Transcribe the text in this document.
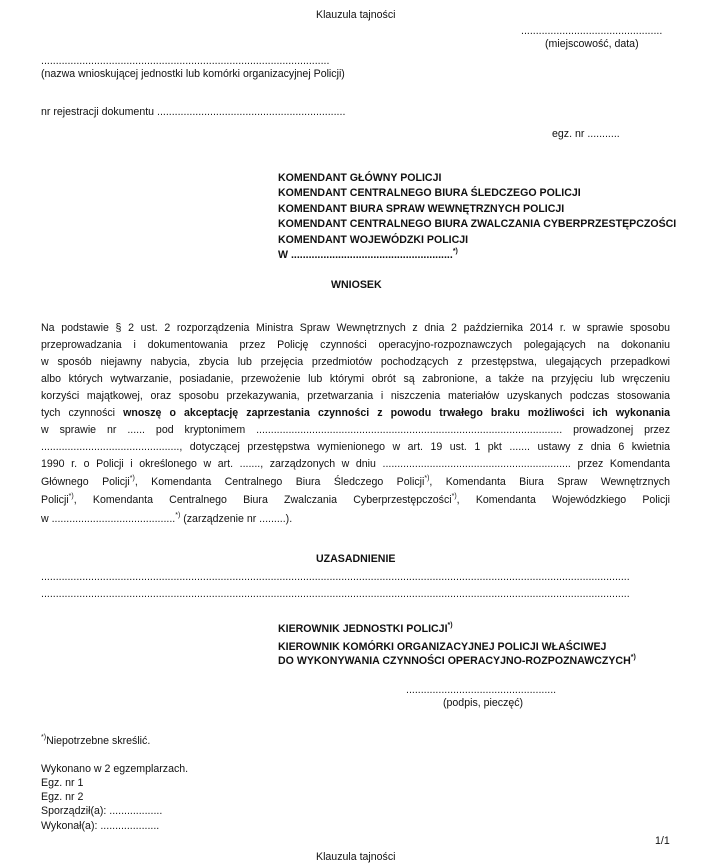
Klauzula tajności
................................................
(miejscowość, data)
..................................................................................................
(nazwa wnioskującej jednostki lub komórki organizacyjnej Policji)
nr rejestracji dokumentu ................................................................
egz. nr ...........
KOMENDANT GŁÓWNY POLICJI
KOMENDANT CENTRALNEGO BIURA ŚLEDCZEGO POLICJI
KOMENDANT BIURA SPRAW WEWNĘTRZNYCH POLICJI
KOMENDANT CENTRALNEGO BIURA ZWALCZANIA CYBERPRZESTĘPCZOŚCI
KOMENDANT WOJEWÓDZKI POLICJI
W .......................................................*)
WNIOSEK
Na podstawie § 2 ust. 2 rozporządzenia Ministra Spraw Wewnętrznych z dnia 2 października 2014 r. w sprawie sposobu
przeprowadzania i dokumentowania przez Policję czynności operacyjno-rozpoznawczych polegających na dokonaniu
w sposób niejawny nabycia, zbycia lub przejęcia przedmiotów pochodzących z przestępstwa, ulegających przepadkowi
albo których wytwarzanie, posiadanie, przewożenie lub którymi obrót są zabronione, a także na przyjęciu lub wręczeniu
korzyści majątkowej, oraz sposobu przekazywania, przetwarzania i niszczenia materiałów uzyskanych podczas stosowania
tych czynności wnoszę o akceptację zaprzestania czynności z powodu trwałego braku możliwości ich wykonania
w sprawie nr ...... pod kryptonimem ........................................................................................................ prowadzonej przez
..............................................., dotyczącej przestępstwa wymienionego w art. 19 ust. 1 pkt ....... ustawy z dnia 6 kwietnia
1990 r. o Policji i określonego w art. ......., zarządzonych w dniu ................................................................ przez Komendanta
Głównego Policji*), Komendanta Centralnego Biura Śledczego Policji*), Komendanta Biura Spraw Wewnętrznych
Policji*), Komendanta Centralnego Biura Zwalczania Cyberprzestępczości*), Komendanta Wojewódzkiego Policji
w ..........................................*) (zarządzenie nr .........).
UZASADNIENIE
........................................................................................................................................................................................................
........................................................................................................................................................................................................
KIEROWNIK JEDNOSTKI POLICJI*)
KIEROWNIK KOMÓRKI ORGANIZACYJNEJ POLICJI WŁAŚCIWEJ
DO WYKONYWANIA CZYNNOŚCI OPERACYJNO-ROZPOZNAWCZYCH*)
...................................................
(podpis, pieczęć)
*)Niepotrzebne skreślić.
Wykonano w 2 egzemplarzach.
Egz. nr 1
Egz. nr 2
Sporządził(a): ..................
Wykonał(a): ....................
1/1
Klauzula tajności
